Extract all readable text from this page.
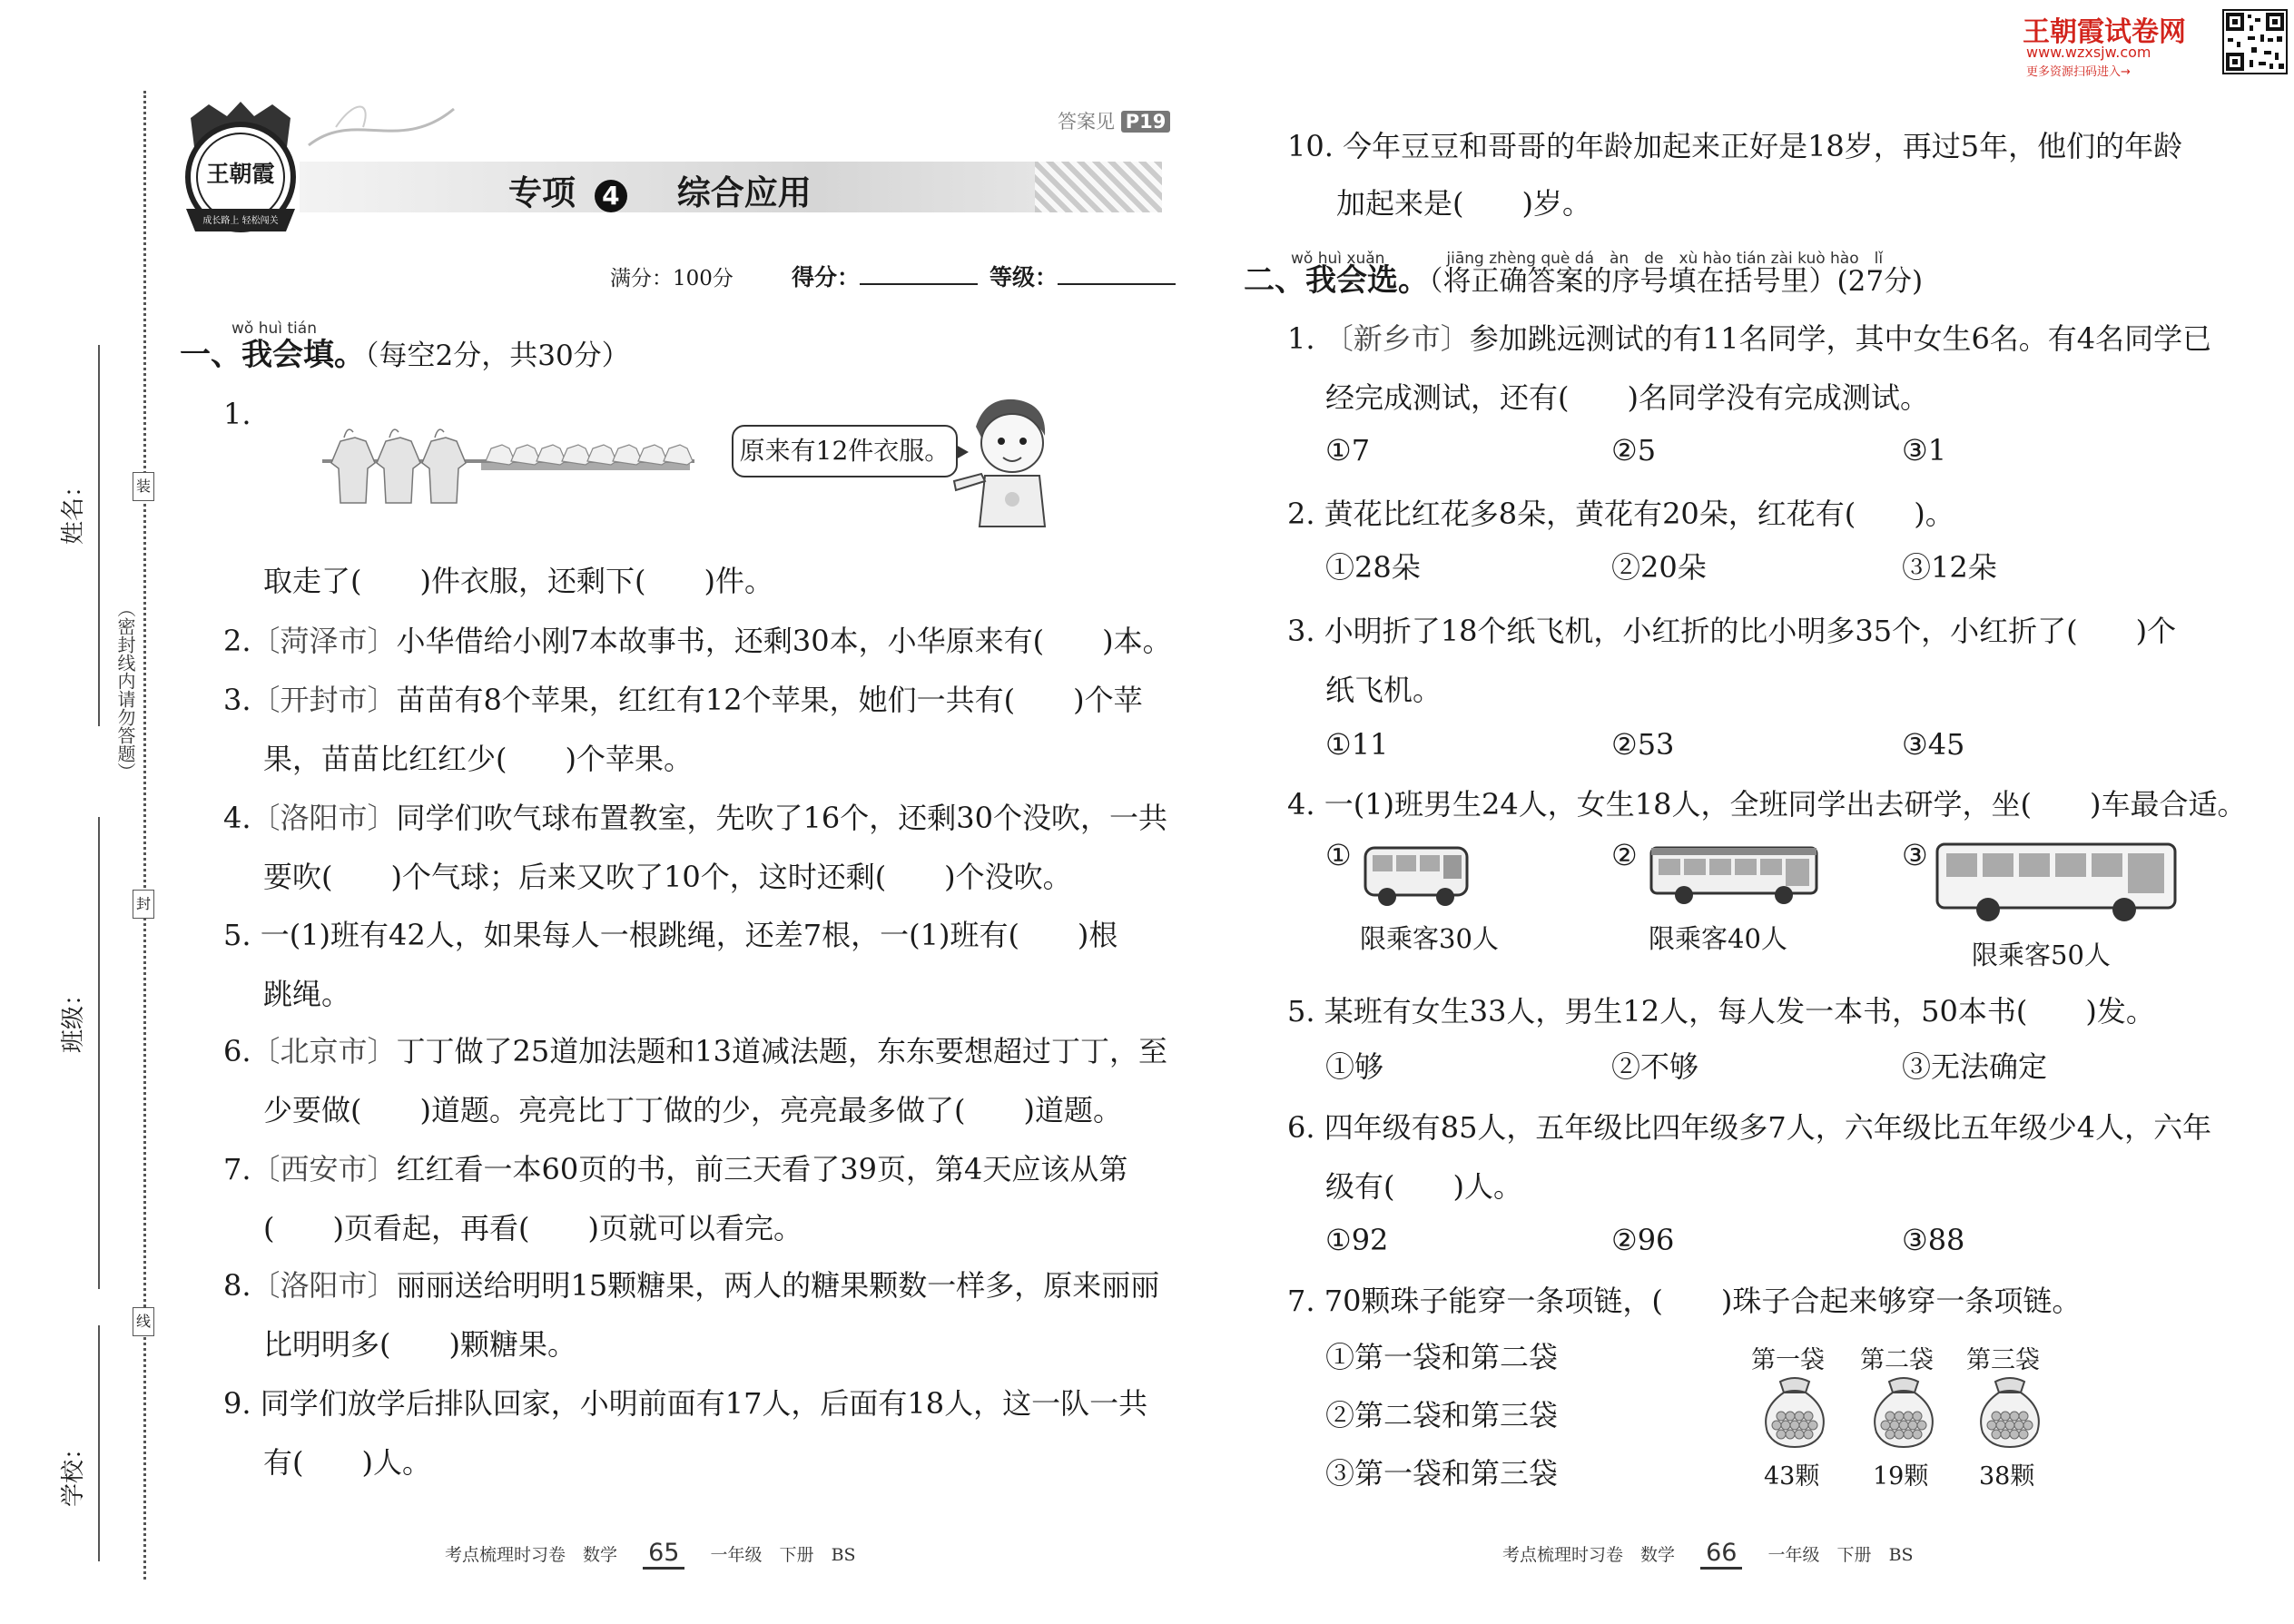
姓名：
班级：
学校：
（密封线内请勿答题）
装
封
线
王朝霞
成长路上 轻松闯关
答案见 P19
专项 4 综合应用
满分：100分	得分：	等级：
wǒ huì tián
一、我会填。（每空2分，共30分）
1.
原来有12件衣服。
取走了(　　)件衣服，还剩下(　　)件。
2.〔菏泽市〕小华借给小刚7本故事书，还剩30本，小华原来有(　　)本。
3.〔开封市〕苗苗有8个苹果，红红有12个苹果，她们一共有(　　)个苹
果，苗苗比红红少(　　)个苹果。
4.〔洛阳市〕同学们吹气球布置教室，先吹了16个，还剩30个没吹，一共
要吹(　　)个气球；后来又吹了10个，这时还剩(　　)个没吹。
5. 一(1)班有42人，如果每人一根跳绳，还差7根，一(1)班有(　　)根
跳绳。
6.〔北京市〕丁丁做了25道加法题和13道减法题，东东要想超过丁丁，至
少要做(　　)道题。亮亮比丁丁做的少，亮亮最多做了(　　)道题。
7.〔西安市〕红红看一本60页的书，前三天看了39页，第4天应该从第
(　　)页看起，再看(　　)页就可以看完。
8.〔洛阳市〕丽丽送给明明15颗糖果，两人的糖果颗数一样多，原来丽丽
比明明多(　　)颗糖果。
9. 同学们放学后排队回家，小明前面有17人，后面有18人，这一队一共
有(　　)人。
10. 今年豆豆和哥哥的年龄加起来正好是18岁，再过5年，他们的年龄
加起来是(　　)岁。
wǒ huì xuǎn　　　　jiāng zhèng què dá　àn　de　xù hào tián zài kuò hào　lǐ
二、我会选。（将正确答案的序号填在括号里）(27分)
1. 〔新乡市〕参加跳远测试的有11名同学，其中女生6名。有4名同学已
经完成测试，还有(　　)名同学没有完成测试。
①7	②5	③1
2. 黄花比红花多8朵，黄花有20朵，红花有(　　)。
①28朵	②20朵	③12朵
3. 小明折了18个纸飞机，小红折的比小明多35个，小红折了(　　)个
纸飞机。
①11	②53	③45
4. 一(1)班男生24人，女生18人，全班同学出去研学，坐(　　)车最合适。
①	②	③
5. 某班有女生33人，男生12人，每人发一本书，50本书(　　)发。
①够	②不够	③无法确定
6. 四年级有85人，五年级比四年级多7人，六年级比五年级少4人，六年
级有(　　)人。
①92	②96	③88
7. 70颗珠子能穿一条项链，(　　)珠子合起来够穿一条项链。
①第一袋和第二袋
②第二袋和第三袋
③第一袋和第三袋
限乘客30人	限乘客40人
限乘客50人
第一袋
43颗
第二袋
19颗
第三袋
38颗
考点梳理时习卷　 数学 65 一年级　 下册　 BS	考点梳理时习卷　 数学 66 一年级　 下册　 BS
王朝霞试卷网
www.wzxsjw.com
更多资源扫码进入→
